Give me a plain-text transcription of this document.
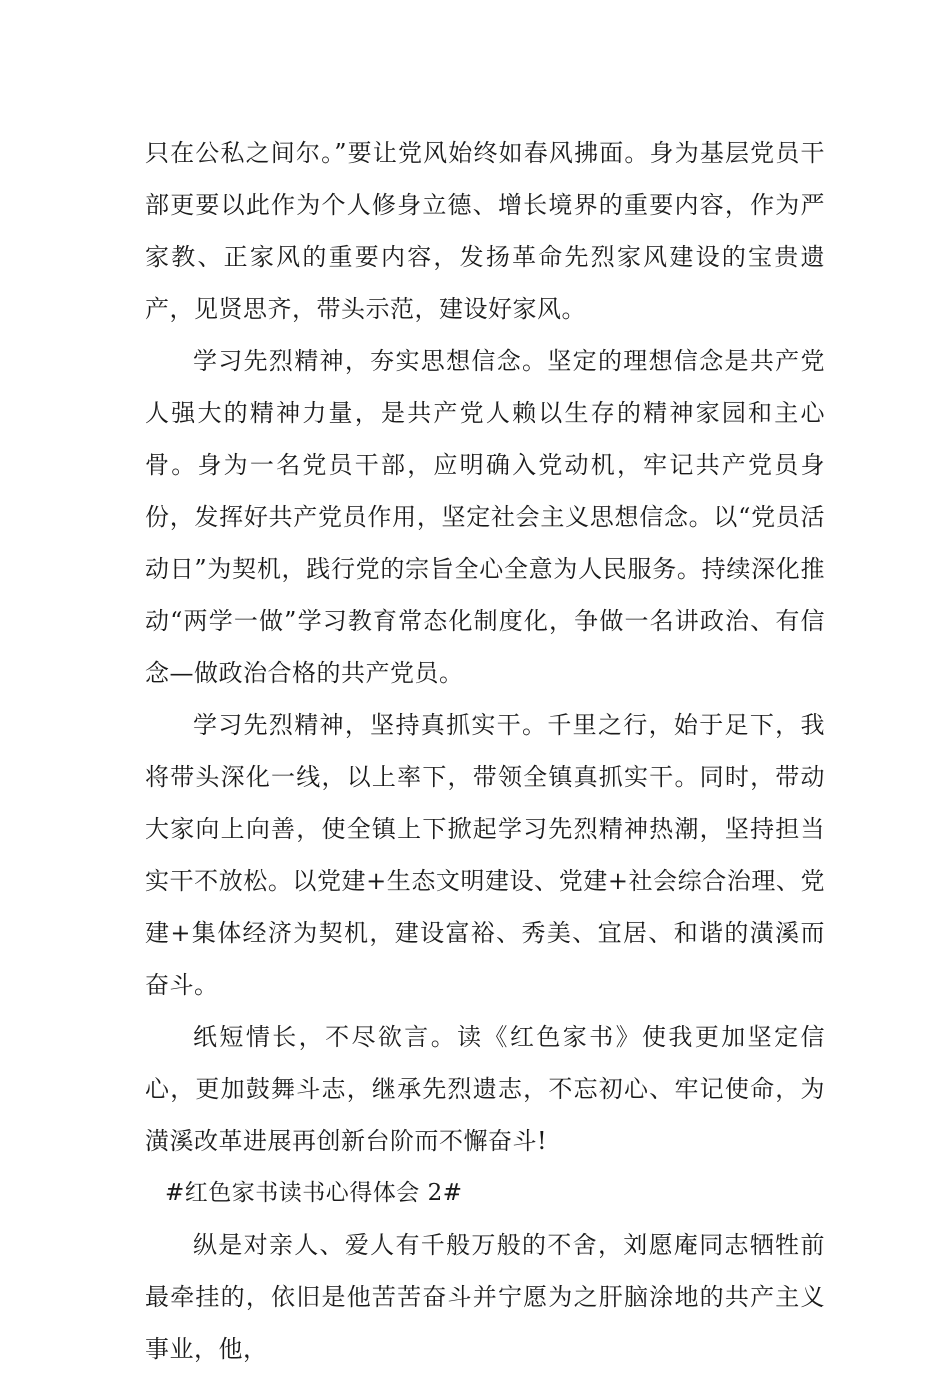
只在公私之间尔。”要让党风始终如春风拂面。身为基层党员干部更要以此作为个人修身立德、增长境界的重要内容，作为严家教、正家风的重要内容，发扬革命先烈家风建设的宝贵遗产，见贤思齐，带头示范，建设好家风。

学习先烈精神，夯实思想信念。坚定的理想信念是共产党人强大的精神力量，是共产党人赖以生存的精神家园和主心骨。身为一名党员干部，应明确入党动机，牢记共产党员身份，发挥好共产党员作用，坚定社会主义思想信念。以“党员活动日”为契机，践行党的宗旨全心全意为人民服务。持续深化推动“两学一做”学习教育常态化制度化，争做一名讲政治、有信念—做政治合格的共产党员。

学习先烈精神，坚持真抓实干。千里之行，始于足下，我将带头深化一线，以上率下，带领全镇真抓实干。同时，带动大家向上向善，使全镇上下掀起学习先烈精神热潮，坚持担当实干不放松。以党建+生态文明建设、党建+社会综合治理、党建+集体经济为契机，建设富裕、秀美、宜居、和谐的潢溪而奋斗。

纸短情长，不尽欲言。读《红色家书》使我更加坚定信心，更加鼓舞斗志，继承先烈遗志，不忘初心、牢记使命，为潢溪改革进展再创新台阶而不懈奋斗!

#红色家书读书心得体会 2#

纵是对亲人、爱人有千般万般的不舍，刘愿庵同志牺牲前最牵挂的，依旧是他苦苦奋斗并宁愿为之肝脑涂地的共产主义事业，他，
